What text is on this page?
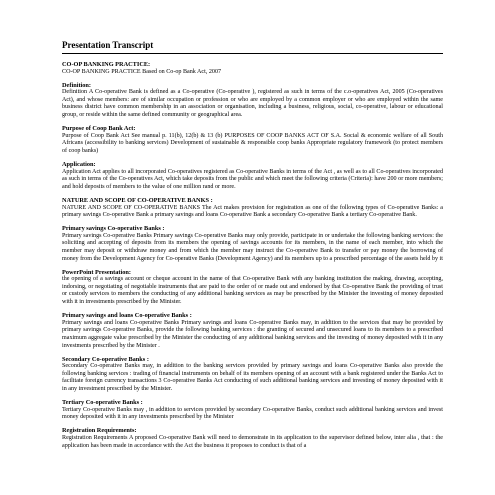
Presentation Transcript
CO-OP BANKING PRACTICE:
CO-OP BANKING PRACTICE Based on Co-op Bank Act, 2007
Definition:
Definition A Co-operative Bank is defined as a Co-operative (Co-operative ), registered as such in terms of the c.o-operatives Act, 2005 (Co-operatives Act), and whose members: are of similar occupation or profession or who are employed by a common employer or who are employed within the same business district have common membership in an association or organisation, including a business, religious, social, co-operative, labour or educational group, or reside within the same defined community or geographical area.
Purpose of Coop Bank Act:
Purpose of Coop Bank Act See manual p. 11(b), 12(b) & 13 (b) PURPOSES OF COOP BANKS ACT OF S.A. Social & economic welfare of all South Africans (accessibility to banking services) Development of sustainable & responsible coop banks Appropriate regulatory framework (to protect members of coop banks)
Application:
Application Act applies to all incorporated Co-operatives registered as Co-operative Banks in terms of the Act , as well as to all Co-operatives incorporated as such in terms of the Co-operatives Act, which take deposits from the public and which meet the following criteria (Criteria): have 200 or more members; and hold deposits of members to the value of one million rand or more.
NATURE AND SCOPE OF CO-OPERATIVE BANKS :
NATURE AND SCOPE OF CO-OPERATIVE BANKS The Act makes provision for registration as one of the following types of Co-operative Banks: a primary savings Co-operative Bank a primary savings and loans Co-operative Bank a secondary Co-operative Bank a tertiary Co-operative Bank.
Primary savings Co-operative Banks :
Primary savings Co-operative Banks Primary savings Co-operative Banks may only provide, participate in or undertake the following banking services: the soliciting and accepting of deposits from its members the opening of savings accounts for its members, in the name of each member, into which the member may deposit or withdraw money and from which the member may instruct the Co-operative Bank to transfer or pay money the borrowing of money from the Development Agency for Co-operative Banks (Development Agency) and its members up to a prescribed percentage of the assets held by it
PowerPoint Presentation:
the opening of a savings account or cheque account in the name of that Co-operative Bank with any banking institution the making, drawing, accepting, indorsing, or negotiating of negotiable instruments that are paid to the order of or made out and endorsed by that Co-operative Bank the providing of trust or custody services to members the conducting of any additional banking services as may be prescribed by the Minister the investing of money deposited with it in investments prescribed by the Minister.
Primary savings and loans Co-operative Banks :
Primary savings and loans Co-operative Banks Primary savings and loans Co-operative Banks may, in addition to the services that may be provided by primary savings Co-operative Banks, provide the following banking services : the granting of secured and unsecured loans to its members to a prescribed maximum aggregate value prescribed by the Minister the conducting of any additional banking services and the investing of money deposited with it in any investments prescribed by the Minister .
Secondary Co-operative Banks :
Secondary Co-operative Banks may, in addition to the banking services provided by primary savings and loans Co-operative Banks also provide the following banking services : trading of financial instruments on behalf of its members opening of an account with a bank registered under the Banks Act to facilitate foreign currency transactions 3 Co-operative Banks Act conducting of such additional banking services and investing of money deposited with it in any investment prescribed by the Minister.
Tertiary Co-operative Banks :
Tertiary Co-operative Banks may , in addition to services provided by secondary Co-operative Banks, conduct such additional banking services and invest money deposited with it in any investments prescribed by the Minister
Registration Requirements:
Registration Requirements A proposed Co-operative Bank will need to demonstrate in its application to the supervisor defined below, inter alia , that : the application has been made in accordance with the Act the business it proposes to conduct is that of a
